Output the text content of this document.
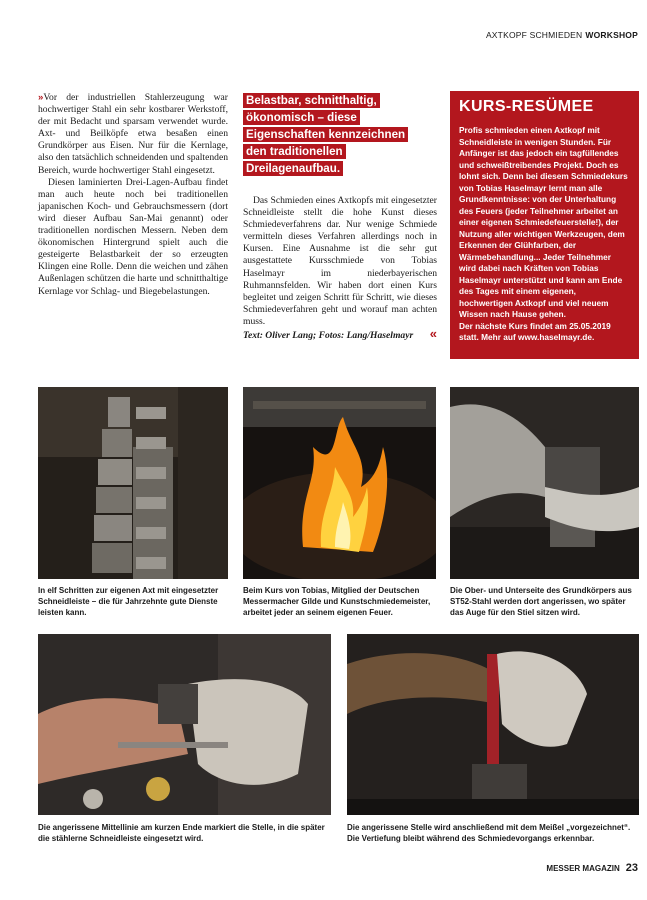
AXTKOPF SCHMIEDEN WORKSHOP

»Vor der industriellen Stahlerzeugung war hochwertiger Stahl ein sehr kostbarer Werkstoff, der mit Bedacht und sparsam verwendet wurde. Axt- und Beilköpfe etwa besaßen einen Grundkörper aus Eisen. Nur für die Kernlage, also den tatsächlich schneidenden und spaltenden Bereich, wurde hochwertiger Stahl eingesetzt.

Diesen laminierten Drei-Lagen-Aufbau findet man auch heute noch bei traditionellen japanischen Koch- und Gebrauchsmessern (dort wird dieser Aufbau San-Mai genannt) oder traditionellen nordischen Messern. Neben dem ökonomischen Hintergrund spielt auch die gesteigerte Belastbarkeit der so erzeugten Klingen eine Rolle. Denn die weichen und zähen Außenlagen schützen die harte und schnitthaltige Kernlage vor Schlag- und Biegebelastungen.

Belastbar, schnitthaltig, ökonomisch – diese Eigenschaften kennzeichnen den traditionellen Dreilagenaufbau.

Das Schmieden eines Axtkopfs mit eingesetzter Schneidleiste stellt die hohe Kunst dieses Schmiedeverfahrens dar. Nur wenige Schmiede vermitteln dieses Verfahren allerdings noch in Kursen. Eine Ausnahme ist die sehr gut ausgestattete Kursschmiede von Tobias Haselmayr im niederbayerischen Ruhmannsfelden. Wir haben dort einen Kurs begleitet und zeigen Schritt für Schritt, wie dieses Schmiedeverfahren geht und worauf man achten muss.

Text: Oliver Lang; Fotos: Lang/Haselmayr «
KURS-RESÜMEE

Profis schmieden einen Axtkopf mit Schneidleiste in wenigen Stunden. Für Anfänger ist das jedoch ein tagfüllendes und schweißtreibendes Projekt. Doch es lohnt sich. Denn bei diesem Schmiedekurs von Tobias Haselmayr lernt man alle Grundkenntnisse: von der Unterhaltung des Feuers (jeder Teilnehmer arbeitet an einer eigenen Schmiedefeuerstelle!), der Nutzung aller wichtigen Werkzeugen, dem Erkennen der Glühfarben, der Wärmebehandlung... Jeder Teilnehmer wird dabei nach Kräften von Tobias Haselmayr unterstützt und kann am Ende des Tages mit einem eigenen, hochwertigen Axtkopf und viel neuem Wissen nach Hause gehen.

Der nächste Kurs findet am 25.05.2019 statt. Mehr auf www.haselmayr.de.

In elf Schritten zur eigenen Axt mit eingesetzter Schneidleiste – die für Jahrzehnte gute Dienste leisten kann.
Beim Kurs von Tobias, Mitglied der Deutschen Messermacher Gilde und Kunstschmiedemeister, arbeitet jeder an seinem eigenen Feuer.
Die Ober- und Unterseite des Grundkörpers aus ST52-Stahl werden dort angerissen, wo später das Auge für den Stiel sitzen wird.
Die angerissene Mittellinie am kurzen Ende markiert die Stelle, in die später die stählerne Schneidleiste eingesetzt wird.
Die angerissene Stelle wird anschließend mit dem Meißel „vorgezeichnet“. Die Vertiefung bleibt während des Schmiedevorgangs erkennbar.
MESSER MAGAZIN 23
